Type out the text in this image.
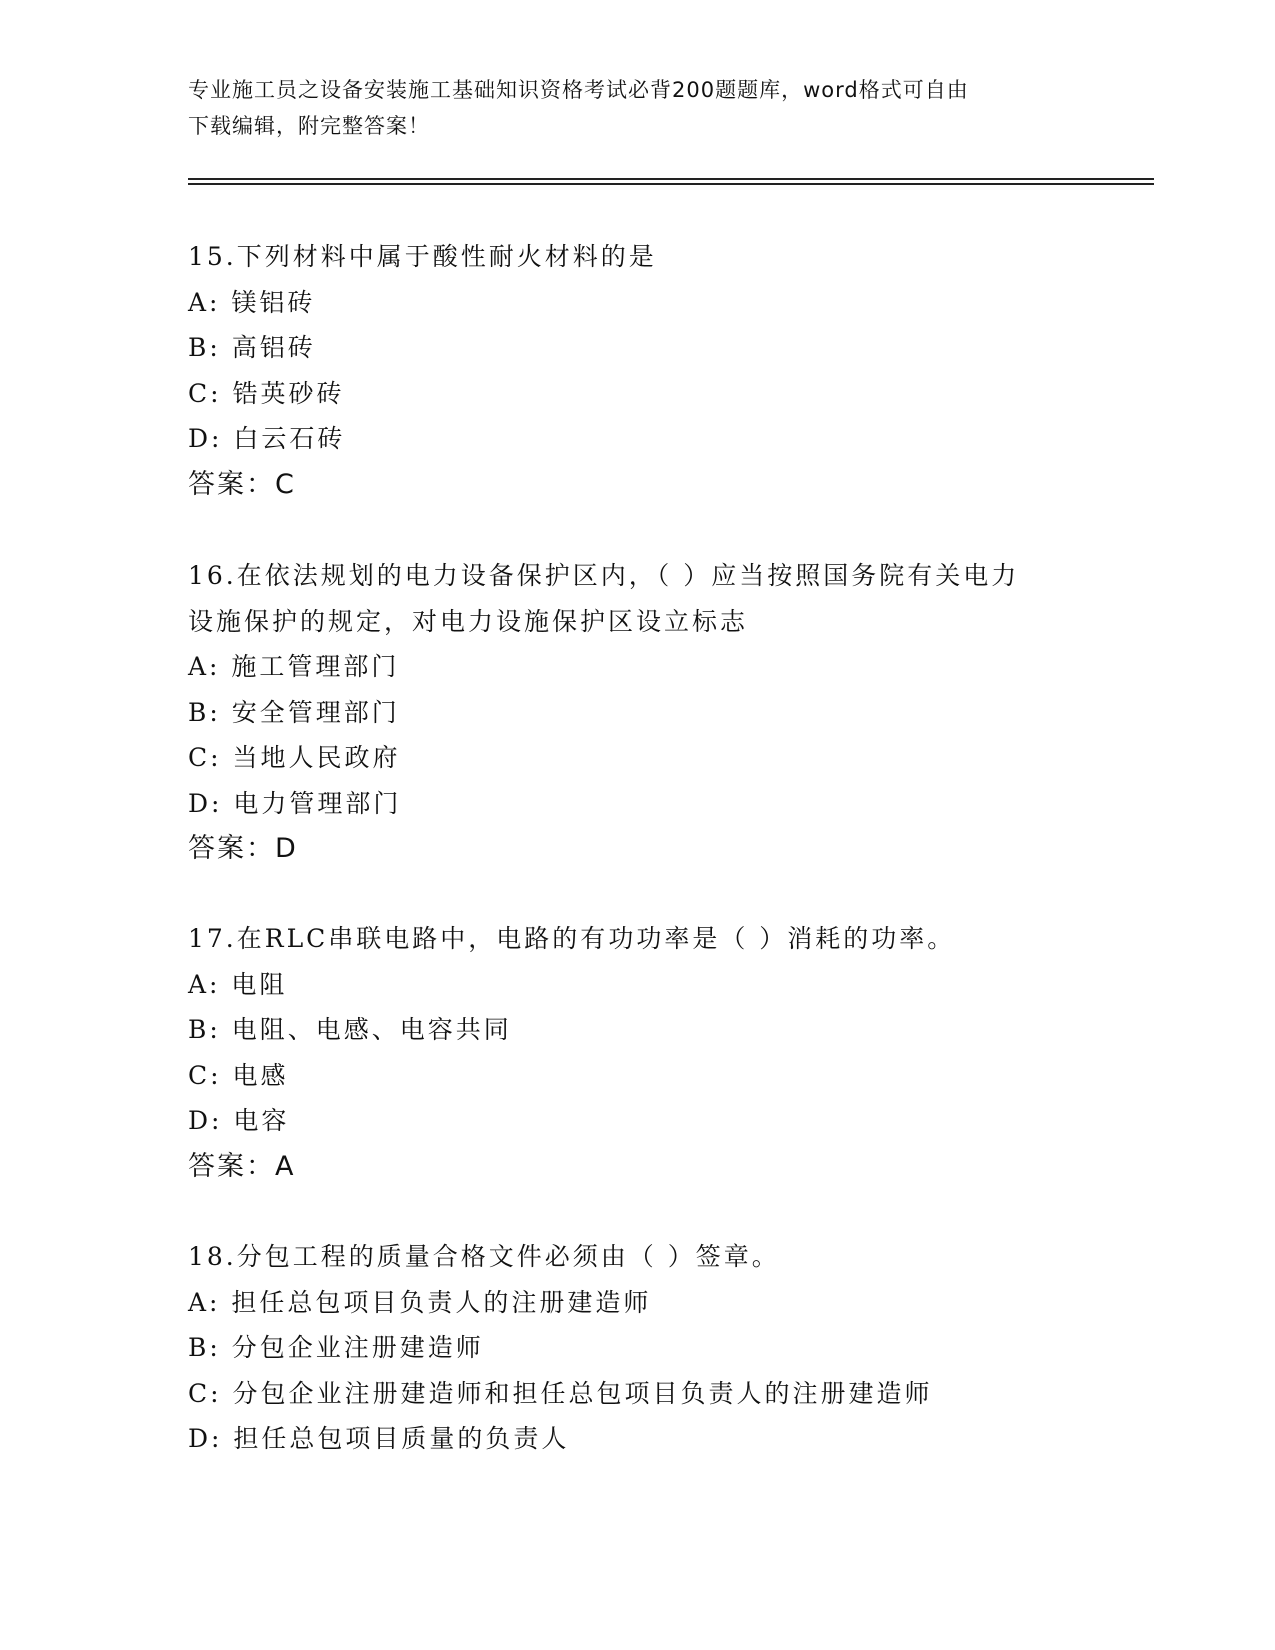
专业施工员之设备安装施工基础知识资格考试必背200题题库，word格式可自由
下载编辑，附完整答案！
15.下列材料中属于酸性耐火材料的是
A: 镁铝砖
B: 高铝砖
C: 锆英砂砖
D: 白云石砖
答案：C
16.在依法规划的电力设备保护区内，（ ）应当按照国务院有关电力
设施保护的规定，对电力设施保护区设立标志
A: 施工管理部门
B: 安全管理部门
C: 当地人民政府
D: 电力管理部门
答案：D
17.在RLC串联电路中，电路的有功功率是（ ）消耗的功率。
A: 电阻
B: 电阻、电感、电容共同
C: 电感
D: 电容
答案：A
18.分包工程的质量合格文件必须由（ ）签章。
A: 担任总包项目负责人的注册建造师
B: 分包企业注册建造师
C: 分包企业注册建造师和担任总包项目负责人的注册建造师
D: 担任总包项目质量的负责人
